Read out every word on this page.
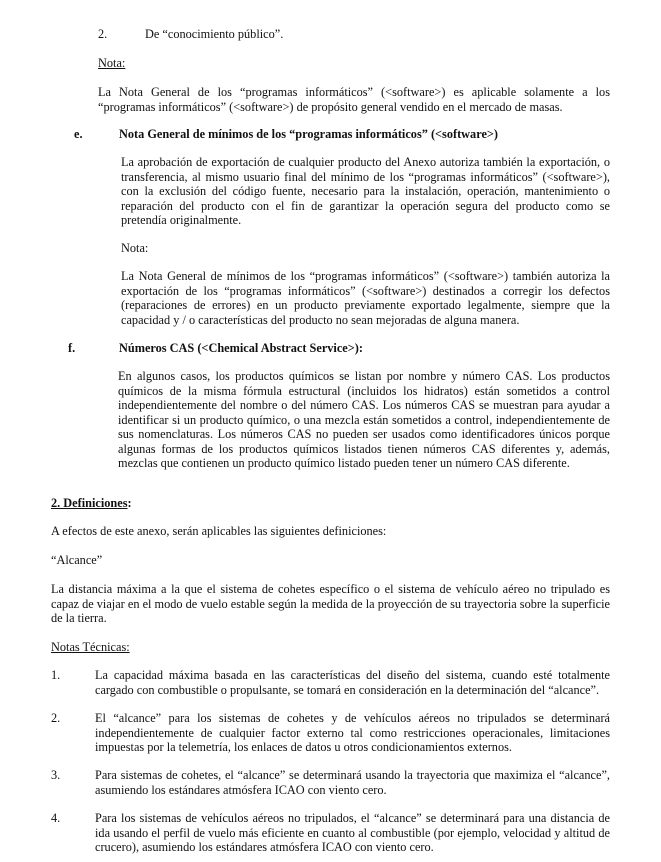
2.	De “conocimiento público”.
Nota:
La Nota General de los “programas informáticos” (<software>) es aplicable solamente a los “programas informáticos” (<software>) de propósito general vendido en el mercado de masas.
e.	Nota General de mínimos de los “programas informáticos” (<software>)
La aprobación de exportación de cualquier producto del Anexo autoriza también la exportación, o transferencia, al mismo usuario final del mínimo de los “programas informáticos” (<software>), con la exclusión del código fuente, necesario para la instalación, operación, mantenimiento o reparación del producto con el fin de garantizar la operación segura del producto como se pretendía originalmente.
Nota:
La Nota General de mínimos de los “programas informáticos” (<software>) también autoriza la exportación de los “programas informáticos” (<software>) destinados a corregir los defectos (reparaciones de errores) en un producto previamente exportado legalmente, siempre que la capacidad y / o características del producto no sean mejoradas de alguna manera.
f.	Números CAS (<Chemical Abstract Service>):
En algunos casos, los productos químicos se listan por nombre y número CAS. Los productos químicos de la misma fórmula estructural (incluidos los hidratos) están sometidos a control independientemente del nombre o del número CAS. Los números CAS se muestran para ayudar a identificar si un producto químico, o una mezcla están sometidos a control, independientemente de sus nomenclaturas. Los números CAS no pueden ser usados como identificadores únicos porque algunas formas de los productos químicos listados tienen números CAS diferentes y, además, mezclas que contienen un producto químico listado pueden tener un número CAS diferente.
2. Definiciones:
A efectos de este anexo, serán aplicables las siguientes definiciones:
“Alcance”
La distancia máxima a la que el sistema de cohetes específico o el sistema de vehículo aéreo no tripulado es capaz de viajar en el modo de vuelo estable según la medida de la proyección de su trayectoria sobre la superficie de la tierra.
Notas Técnicas:
1.	La capacidad máxima basada en las características del diseño del sistema, cuando esté totalmente cargado con combustible o propulsante, se tomará en consideración en la determinación del “alcance”.
2.	El “alcance” para los sistemas de cohetes y de vehículos aéreos no tripulados se determinará independientemente de cualquier factor externo tal como restricciones operacionales, limitaciones impuestas por la telemetría, los enlaces de datos u otros condicionamientos externos.
3.	Para sistemas de cohetes, el “alcance” se determinará usando la trayectoria que maximiza el “alcance”, asumiendo los estándares atmósfera ICAO con viento cero.
4.	Para los sistemas de vehículos aéreos no tripulados, el “alcance” se determinará para una distancia de ida usando el perfil de vuelo más eficiente en cuanto al combustible (por ejemplo, velocidad y altitud de crucero), asumiendo los estándares atmósfera ICAO con viento cero.
